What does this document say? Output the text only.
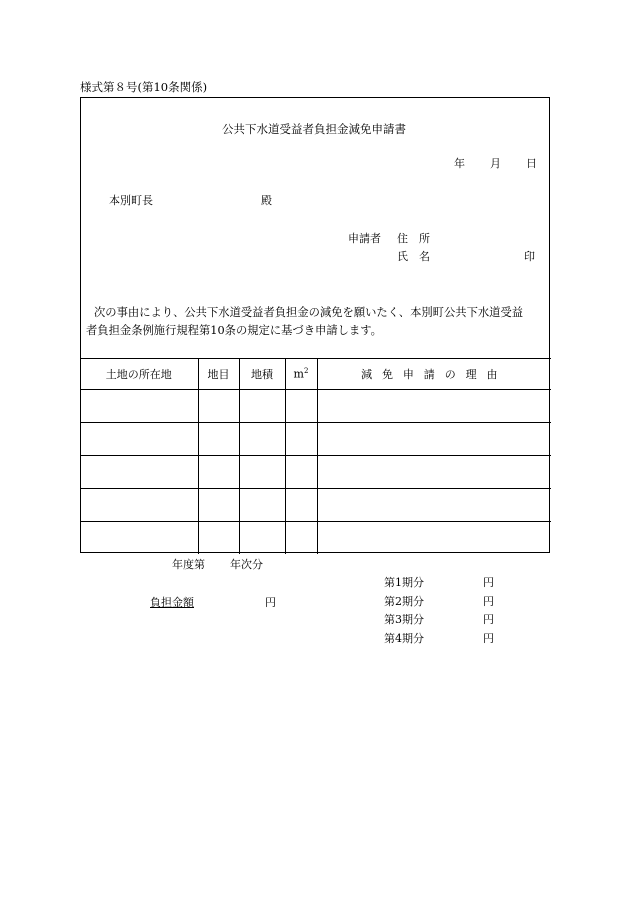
様式第８号(第10条関係)
公共下水道受益者負担金減免申請書
年 月 日
本別町長	殿
申請者 住　所
氏　名	印
次の事由により、公共下水道受益者負担金の減免を願いたく、本別町公共下水道受益
者負担金条例施行規程第10条の規定に基づき申請します。
土地の所在地	地目	地積	$m^2$	減免申請の理由

年度第 年次分
負担金額	円
第1期分	円
第2期分	円
第3期分	円
第4期分	円
